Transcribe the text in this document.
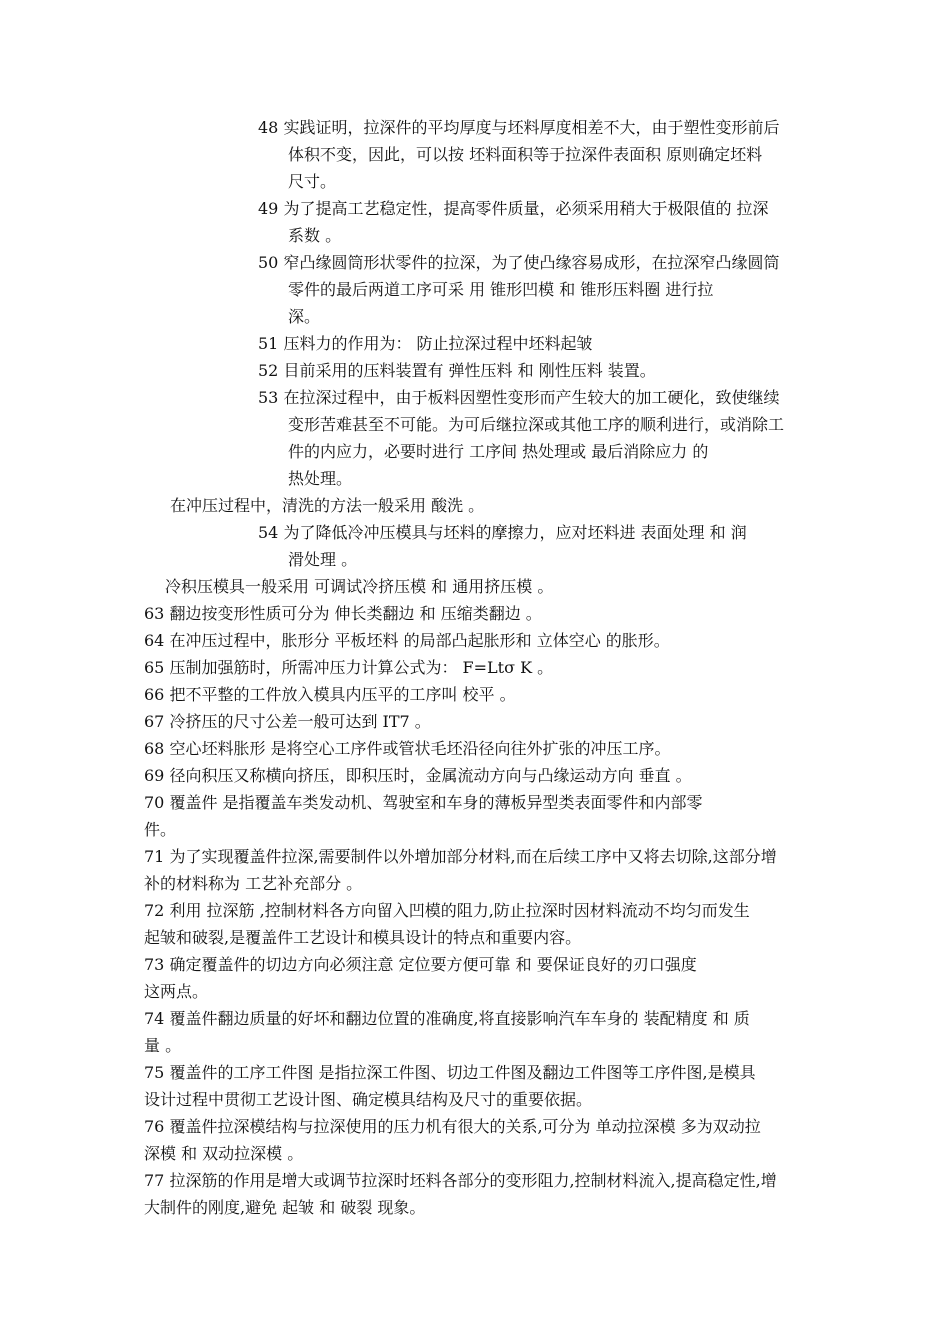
48 实践证明，拉深件的平均厚度与坯料厚度相差不大，由于塑性变形前后
体积不变，因此，可以按 坯料面积等于拉深件表面积 原则确定坯料
尺寸。
49 为了提高工艺稳定性，提高零件质量，必须采用稍大于极限值的 拉深
系数 。
50 窄凸缘圆筒形状零件的拉深，为了使凸缘容易成形，在拉深窄凸缘圆筒
零件的最后两道工序可采 用 锥形凹模 和 锥形压料圈 进行拉
深。
51 压料力的作用为： 防止拉深过程中坯料起皱
52 目前采用的压料装置有 弹性压料 和 刚性压料 装置。
53 在拉深过程中，由于板料因塑性变形而产生较大的加工硬化，致使继续
变形苦难甚至不可能。为可后继拉深或其他工序的顺利进行，或消除工
件的内应力，必要时进行 工序间 热处理或 最后消除应力 的
热处理。
在冲压过程中，清洗的方法一般采用 酸洗 。
54 为了降低冷冲压模具与坯料的摩擦力，应对坯料进 表面处理 和 润
滑处理 。
冷积压模具一般采用 可调试冷挤压模 和 通用挤压模 。
63 翻边按变形性质可分为 伸长类翻边 和 压缩类翻边 。
64 在冲压过程中，胀形分 平板坯料 的局部凸起胀形和 立体空心 的胀形。
65 压制加强筋时，所需冲压力计算公式为： F=Ltσ K 。
66 把不平整的工件放入模具内压平的工序叫 校平 。
67 冷挤压的尺寸公差一般可达到 IT7 。
68 空心坯料胀形 是将空心工序件或管状毛坯沿径向往外扩张的冲压工序。
69 径向积压又称横向挤压，即积压时，金属流动方向与凸缘运动方向 垂直 。
70 覆盖件 是指覆盖车类发动机、驾驶室和车身的薄板异型类表面零件和内部零
件。
71 为了实现覆盖件拉深,需要制件以外增加部分材料,而在后续工序中又将去切除,这部分增
补的材料称为 工艺补充部分 。
72 利用 拉深筋 ,控制材料各方向留入凹模的阻力,防止拉深时因材料流动不均匀而发生
起皱和破裂,是覆盖件工艺设计和模具设计的特点和重要内容。
73 确定覆盖件的切边方向必须注意 定位要方便可靠 和 要保证良好的刃口强度
这两点。
74 覆盖件翻边质量的好坏和翻边位置的准确度,将直接影响汽车车身的 装配精度 和 质
量 。
75 覆盖件的工序工件图 是指拉深工件图、切边工件图及翻边工件图等工序件图,是模具
设计过程中贯彻工艺设计图、确定模具结构及尺寸的重要依据。
76 覆盖件拉深模结构与拉深使用的压力机有很大的关系,可分为 单动拉深模 多为双动拉
深模 和 双动拉深模 。
77 拉深筋的作用是增大或调节拉深时坯料各部分的变形阻力,控制材料流入,提高稳定性,增
大制件的刚度,避免 起皱 和 破裂 现象。
